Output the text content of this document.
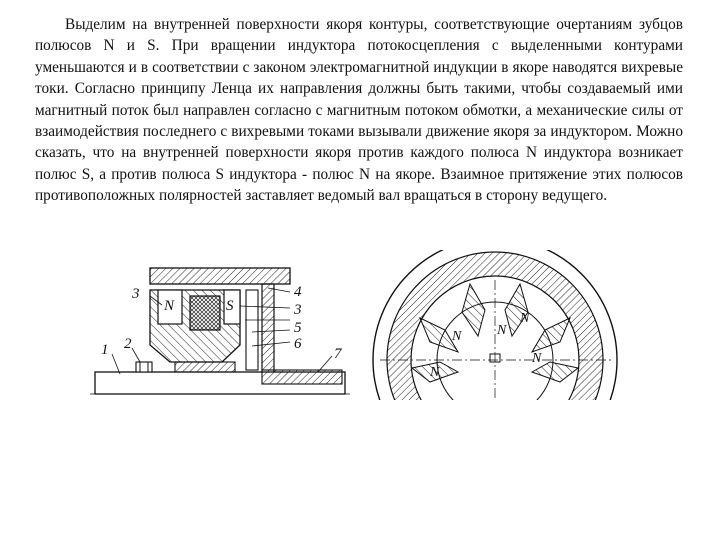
Выделим на внутренней поверхности якоря контуры, соответствующие очертаниям зубцов полюсов N и S. При вращении индуктора потокосцепления с выделенными контурами уменьшаются и в соответствии с законом электромагнитной индукции в якоре наводятся вихревые токи. Согласно принципу Ленца их направления должны быть такими, чтобы создаваемый ими магнитный поток был направлен согласно с магнитным потоком обмотки, а механические силы от взаимодействия последнего с вихревыми токами вызывали движение якоря за индуктором. Можно сказать, что на внутренней поверхности якоря против каждого полюса N индуктора возникает полюс S, а против полюса S индуктора - полюс N на якоре. Взаимное притяжение этих полюсов противоположных полярностей заставляет ведомый вал вращаться в сторону ведущего.
3
N	S
2
1
4
3
5
6
7
N	N
N
N
N
